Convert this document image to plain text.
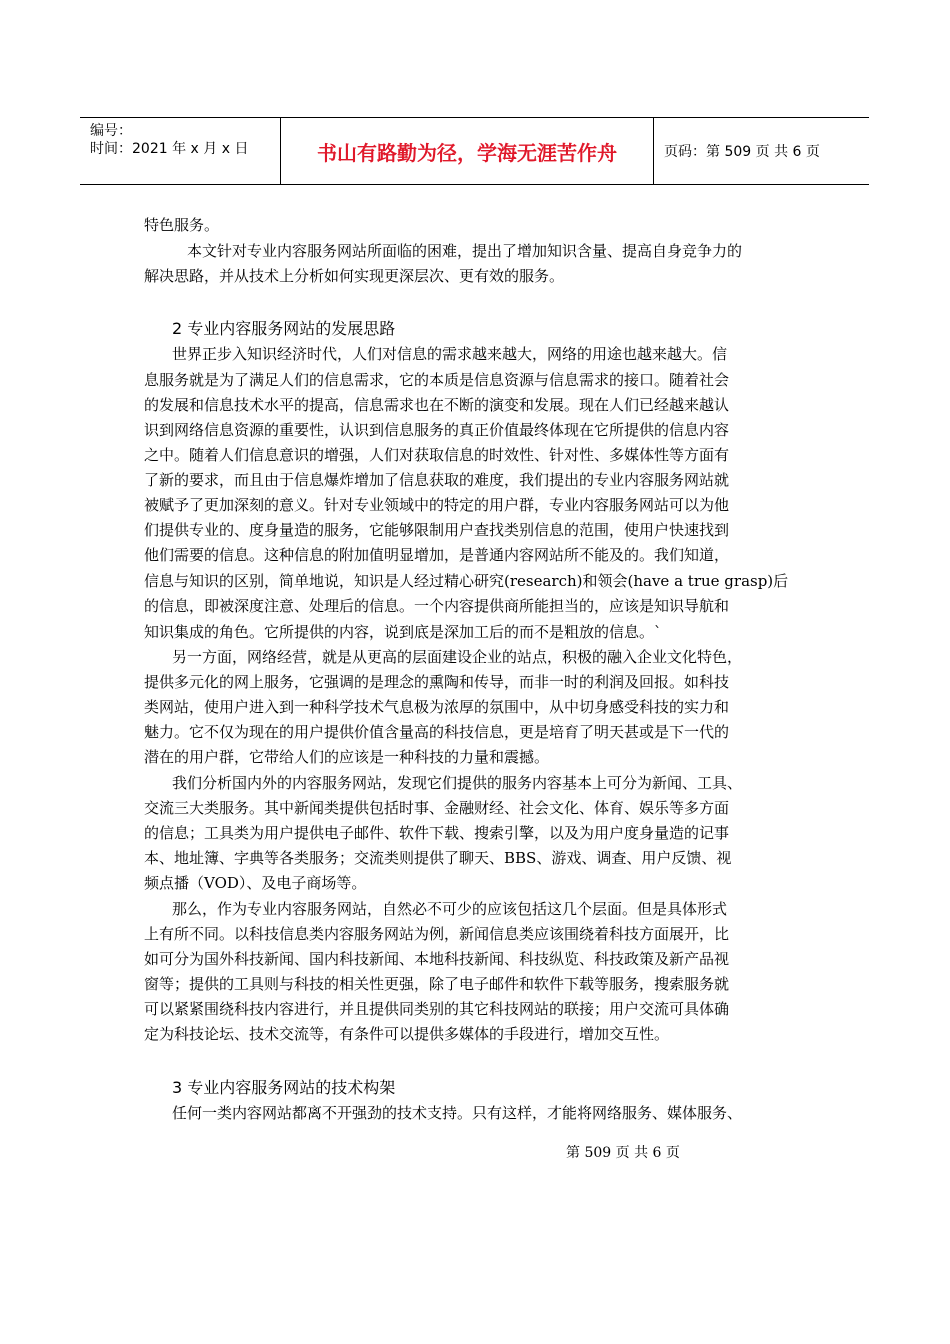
编号：
时间：2021 年 x 月 x 日	书山有路勤为径，学海无涯苦作舟	页码：第 509 页 共 6 页
特色服务。
　本文针对专业内容服务网站所面临的困难，提出了增加知识含量、提高自身竞争力的
解决思路，并从技术上分析如何实现更深层次、更有效的服务。
2 专业内容服务网站的发展思路
世界正步入知识经济时代，人们对信息的需求越来越大，网络的用途也越来越大。信
息服务就是为了满足人们的信息需求，它的本质是信息资源与信息需求的接口。随着社会
的发展和信息技术水平的提高，信息需求也在不断的演变和发展。现在人们已经越来越认
识到网络信息资源的重要性，认识到信息服务的真正价值最终体现在它所提供的信息内容
之中。随着人们信息意识的增强，人们对获取信息的时效性、针对性、多媒体性等方面有
了新的要求，而且由于信息爆炸增加了信息获取的难度，我们提出的专业内容服务网站就
被赋予了更加深刻的意义。针对专业领域中的特定的用户群，专业内容服务网站可以为他
们提供专业的、度身量造的服务，它能够限制用户查找类别信息的范围，使用户快速找到
他们需要的信息。这种信息的附加值明显增加，是普通内容网站所不能及的。我们知道，
信息与知识的区别，简单地说，知识是人经过精心研究(research)和领会(have a true grasp)后
的信息，即被深度注意、处理后的信息。一个内容提供商所能担当的，应该是知识导航和
知识集成的角色。它所提供的内容，说到底是深加工后的而不是粗放的信息。`
另一方面，网络经营，就是从更高的层面建设企业的站点，积极的融入企业文化特色，
提供多元化的网上服务，它强调的是理念的熏陶和传导，而非一时的利润及回报。如科技
类网站，使用户进入到一种科学技术气息极为浓厚的氛围中，从中切身感受科技的实力和
魅力。它不仅为现在的用户提供价值含量高的科技信息，更是培育了明天甚或是下一代的
潜在的用户群，它带给人们的应该是一种科技的力量和震撼。
我们分析国内外的内容服务网站，发现它们提供的服务内容基本上可分为新闻、工具、
交流三大类服务。其中新闻类提供包括时事、金融财经、社会文化、体育、娱乐等多方面
的信息；工具类为用户提供电子邮件、软件下载、搜索引擎，以及为用户度身量造的记事
本、地址簿、字典等各类服务；交流类则提供了聊天、BBS、游戏、调查、用户反馈、视
频点播（VOD）、及电子商场等。
那么，作为专业内容服务网站，自然必不可少的应该包括这几个层面。但是具体形式
上有所不同。以科技信息类内容服务网站为例，新闻信息类应该围绕着科技方面展开，比
如可分为国外科技新闻、国内科技新闻、本地科技新闻、科技纵览、科技政策及新产品视
窗等；提供的工具则与科技的相关性更强，除了电子邮件和软件下载等服务，搜索服务就
可以紧紧围绕科技内容进行，并且提供同类别的其它科技网站的联接；用户交流可具体确
定为科技论坛、技术交流等，有条件可以提供多媒体的手段进行，增加交互性。
3 专业内容服务网站的技术构架
任何一类内容网站都离不开强劲的技术支持。只有这样，才能将网络服务、媒体服务、
第 509 页 共 6 页
